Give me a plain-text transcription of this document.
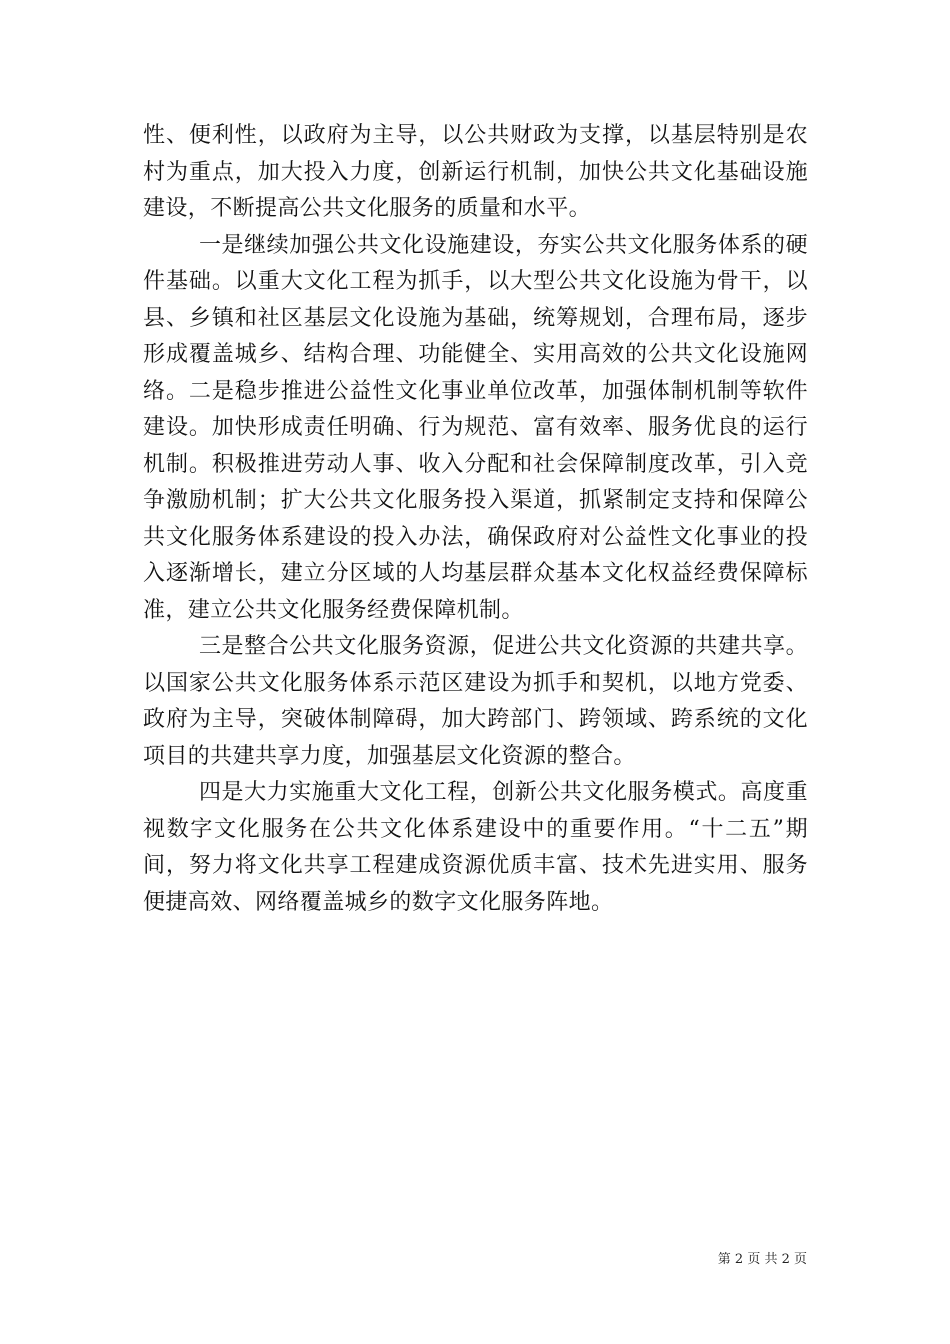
性、便利性，以政府为主导，以公共财政为支撑，以基层特别是农村为重点，加大投入力度，创新运行机制，加快公共文化基础设施建设，不断提高公共文化服务的质量和水平。

一是继续加强公共文化设施建设，夯实公共文化服务体系的硬件基础。以重大文化工程为抓手，以大型公共文化设施为骨干，以县、乡镇和社区基层文化设施为基础，统筹规划，合理布局，逐步形成覆盖城乡、结构合理、功能健全、实用高效的公共文化设施网络。二是稳步推进公益性文化事业单位改革，加强体制机制等软件建设。加快形成责任明确、行为规范、富有效率、服务优良的运行机制。积极推进劳动人事、收入分配和社会保障制度改革，引入竞争激励机制；扩大公共文化服务投入渠道，抓紧制定支持和保障公共文化服务体系建设的投入办法，确保政府对公益性文化事业的投入逐渐增长，建立分区域的人均基层群众基本文化权益经费保障标准，建立公共文化服务经费保障机制。

三是整合公共文化服务资源，促进公共文化资源的共建共享。以国家公共文化服务体系示范区建设为抓手和契机，以地方党委、政府为主导，突破体制障碍，加大跨部门、跨领域、跨系统的文化项目的共建共享力度，加强基层文化资源的整合。

四是大力实施重大文化工程，创新公共文化服务模式。高度重视数字文化服务在公共文化体系建设中的重要作用。“十二五”期间，努力将文化共享工程建成资源优质丰富、技术先进实用、服务便捷高效、网络覆盖城乡的数字文化服务阵地。

第 2 页 共 2 页
